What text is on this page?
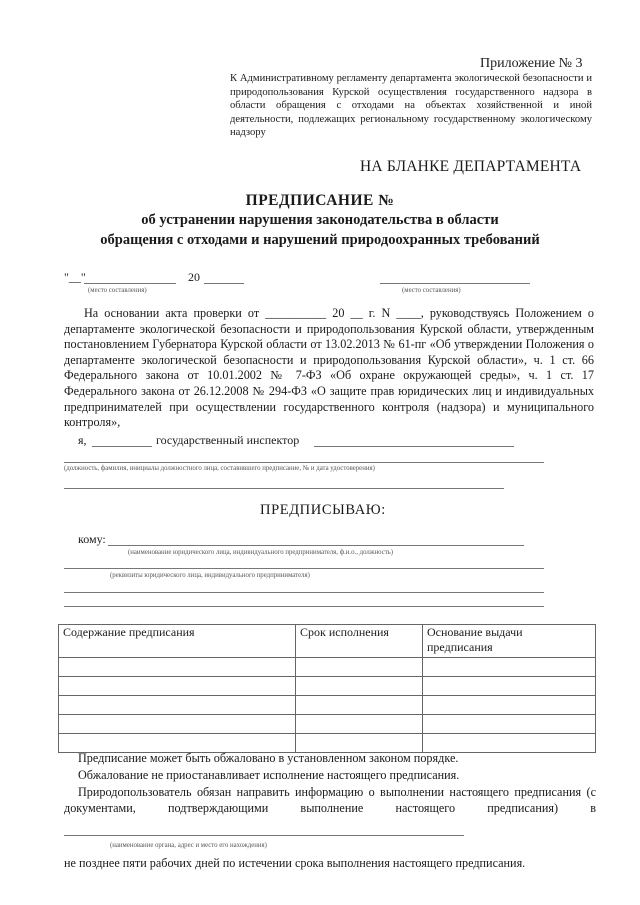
Приложение № 3
К Административному регламенту департамента экологической безопасности и природопользования Курской осуществления государственного надзора в области обращения с отходами на объектах хозяйственной и иной деятельности, подлежащих региональному государственному экологическому надзору
НА БЛАНКЕ ДЕПАРТАМЕНТА
ПРЕДПИСАНИЕ №
об устранении нарушения законодательства в области
обращения с отходами и нарушений природоохранных требований
"__"	20
(место составления)	(место составления)
На основании акта проверки от __________ 20 __ г. N ____, руководствуясь Положением о департаменте экологической безопасности и природопользования Курской области, утвержденным постановлением Губернатора Курской области от 13.02.2013 № 61-пг «Об утверждении Положения о департаменте экологической безопасности и природопользования Курской области», ч. 1 ст. 66 Федерального закона от 10.01.2002 № 7-ФЗ «Об охране окружающей среды», ч. 1 ст. 17 Федерального закона от 26.12.2008 № 294-ФЗ «О защите прав юридических лиц и индивидуальных предпринимателей при осуществлении государственного контроля (надзора) и муниципального контроля»,
я,	государственный инспектор
(должность, фамилия, инициалы должностного лица, составившего предписание, № и дата удостоверения)
ПРЕДПИСЫВАЮ:
кому:
(наименование юридического лица, индивидуального предпринимателя, ф.и.о., должность)
(реквизиты юридического лица, индивидуального предпринимателя)
Содержание предписания	Срок исполнения	Основание выдачи предписания

Предписание может быть обжаловано в установленном законом порядке.
Обжалование не приостанавливает исполнение настоящего предписания.
Природопользователь обязан направить информацию о выполнении настоящего предписания (с документами, подтверждающими выполнение настоящего предписания) в
(наименование органа, адрес и место его нахождения)
не позднее пяти рабочих дней по истечении срока выполнения настоящего предписания.
